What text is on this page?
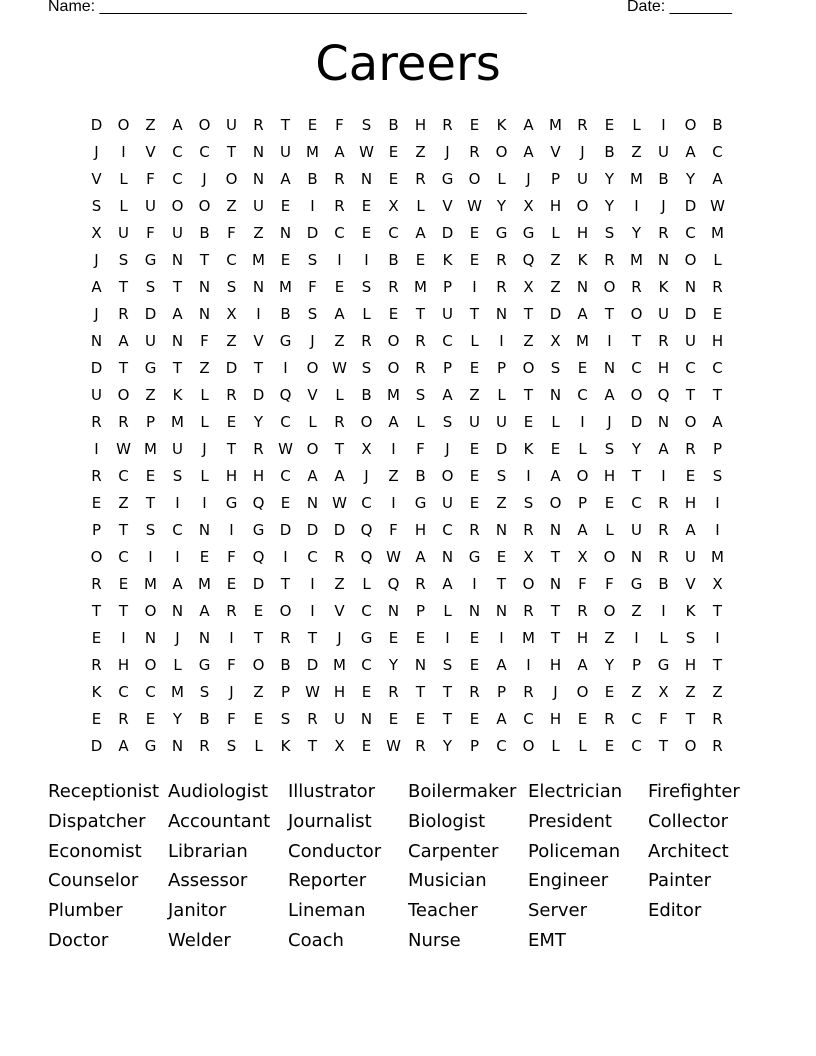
Name: ________________________________________________	Date: _______
Careers
D	O	Z	A	O	U	R	T	E	F	S	B	H	R	E	K	A	M	R	E	L	I	O	B
J	I	V	C	C	T	N	U	M	A W E	Z	J	R	O	A	V	J	B	Z	U	A	C
V	L	F	C	J	O	N	A	B	R	N	E	R	G	O	L	J	P	U	Y	M	B	Y	A
S	L	U	O	O	Z	U	E	I	R	E	X	L	V W Y	X	H	O	Y	I	J	D W
X	U	F	U	B	F	Z	N	D	C	E	C	A	D	E	G	G	L	H	S	Y	R	C	M
J	S	G	N	T	C	M	E	S	I	I	B	E	K	E	R	Q	Z	K	R	M N	O	L
A	T	S	T	N	S	N M	F	E	S	R	M	P	I	R	X	Z	N	O	R	K	N	R
J	R	D	A	N	X	I	B	S	A	L	E	T	U	T	N	T	D	A	T	O	U	D	E
N	A	U	N	F	Z	V	G	J	Z	R	O	R	C	L	I	Z	X	M	I	T	R	U	H
D	T	G	T	Z	D	T	I	O W S	O	R	P	E	P	O	S	E	N	C	H	C	C
U	O	Z	K	L	R	D	Q	V	L	B	M	S	A	Z	L	T	N	C	A	O	Q	T	T
R	R	P	M	L	E	Y	C	L	R	O	A	L	S	U	U	E	L	I	J	D	N	O	A
I	W M	U	J	T	R W O	T	X	I	F	J	E	D	K	E	L	S	Y	A	R	P
R	C	E	S	L	H	H	C	A	A	J	Z	B	O	E	S	I	A	O	H	T	I	E	S
E	Z	T	I	I	G	Q	E	N W C	I	G	U	E	Z	S	O	P	E	C	R	H	I
P	T	S	C	N	I	G	D	D	D	Q	F	H	C	R	N	R	N	A	L	U	R	A	I
O	C	I	I	E	F	Q	I	C	R	Q W A	N	G	E	X	T	X	O	N	R	U	M
R	E	M	A	M	E	D	T	I	Z	L	Q	R	A	I	T	O	N	F	F	G	B	V	X
T	T	O	N	A	R	E	O	I	V	C	N	P	L	N	N	R	T	R	O	Z	I	K	T
E	I	N	J	N	I	T	R	T	J	G	E	E	I	E	I	M	T	H	Z	I	L	S	I
R	H	O	L	G	F	O	B	D M	C	Y	N	S	E	A	I	H	A	Y	P	G	H	T
K	C	C	M	S	J	Z	P	W H	E	R	T	T	R	P	R	J	O	E	Z	X	Z	Z
E	R	E	Y	B	F	E	S	R	U	N	E	E	T	E	A	C	H	E	R	C	F	T	R
D	A	G	N	R	S	L	K	T	X	E W R	Y	P	C	O	L	L	E	C	T	O	R
Receptionist Audiologist	Illustrator	Boilermaker Electrician	Firefighter
Dispatcher	Accountant Journalist	Biologist	President	Collector
Economist	Librarian	Conductor	Carpenter	Policeman	Architect
Counselor	Assessor	Reporter	Musician	Engineer	Painter
Plumber	Janitor	Lineman	Teacher	Server	Editor
Doctor	Welder	Coach	Nurse	EMT
